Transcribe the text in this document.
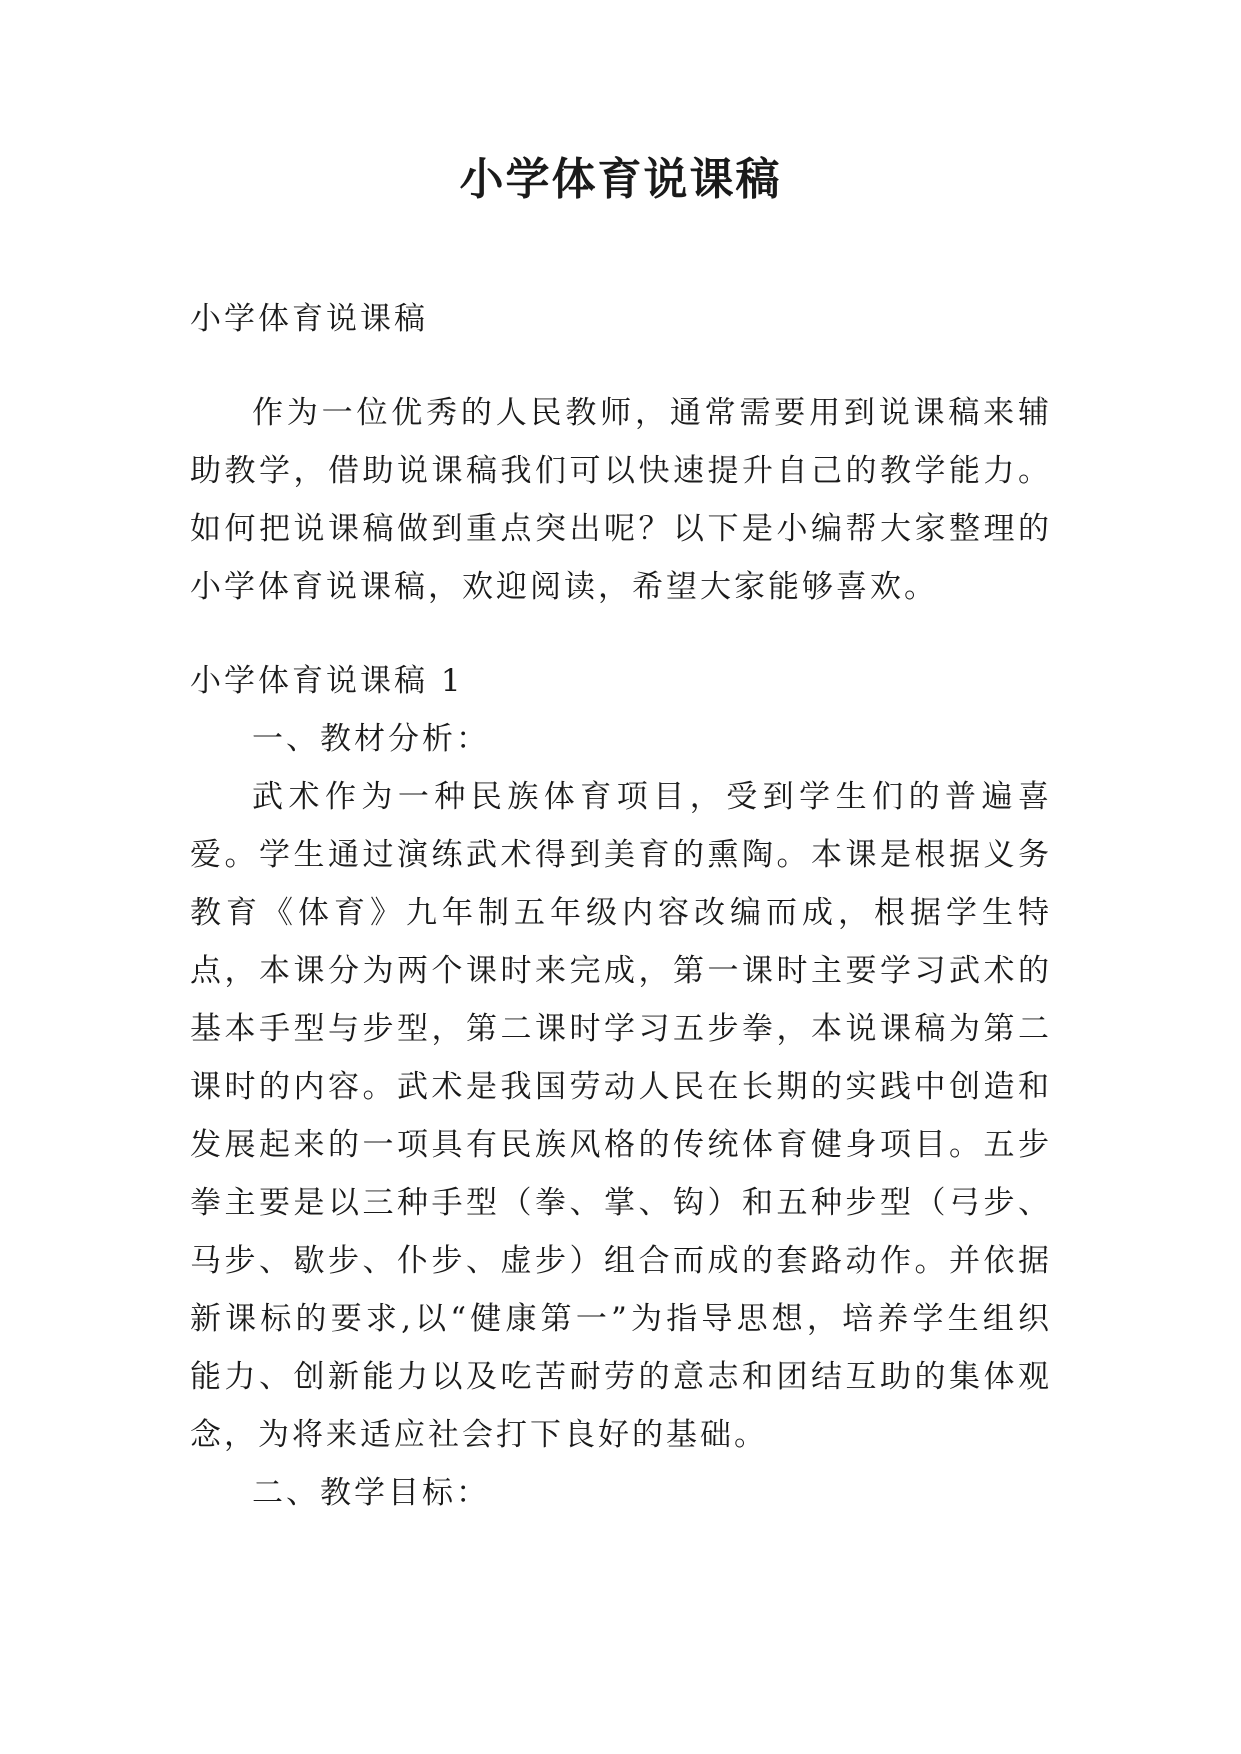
小学体育说课稿

小学体育说课稿

作为一位优秀的人民教师，通常需要用到说课稿来辅助教学，借助说课稿我们可以快速提升自己的教学能力。如何把说课稿做到重点突出呢？以下是小编帮大家整理的小学体育说课稿，欢迎阅读，希望大家能够喜欢。

小学体育说课稿 1

一、教材分析：

武术作为一种民族体育项目，受到学生们的普遍喜爱。学生通过演练武术得到美育的熏陶。本课是根据义务教育《体育》九年制五年级内容改编而成，根据学生特点，本课分为两个课时来完成，第一课时主要学习武术的基本手型与步型，第二课时学习五步拳，本说课稿为第二课时的内容。武术是我国劳动人民在长期的实践中创造和发展起来的一项具有民族风格的传统体育健身项目。五步拳主要是以三种手型（拳、掌、钩）和五种步型（弓步、马步、歇步、仆步、虚步）组合而成的套路动作。并依据新课标的要求,以“健康第一”为指导思想，培养学生组织能力、创新能力以及吃苦耐劳的意志和团结互助的集体观念，为将来适应社会打下良好的基础。

二、教学目标：
